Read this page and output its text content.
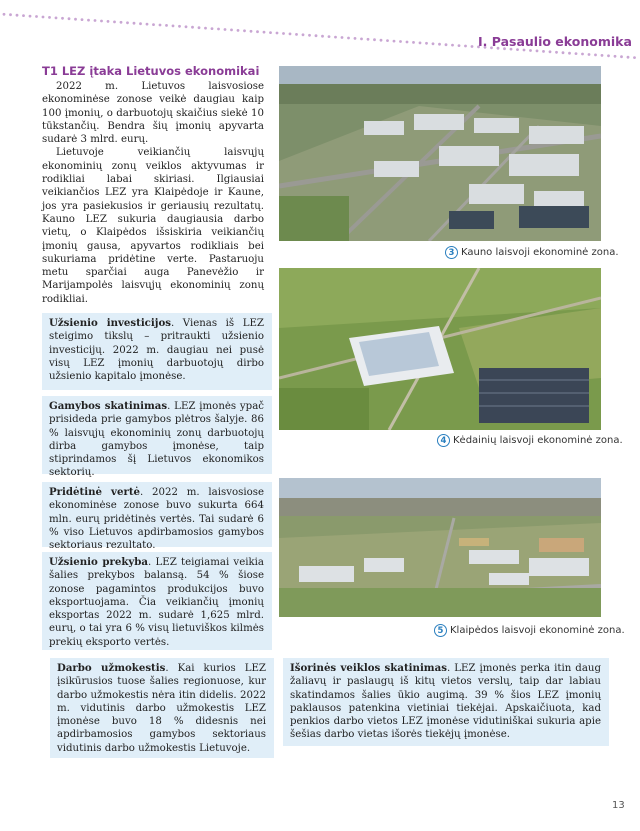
I. Pasaulio ekonomika
T1 LEZ įtaka Lietuvos ekonomikai

2022 m. Lietuvos laisvosiose ekonominėse zonose veikė daugiau kaip 100 įmonių, o darbuotojų skaičius siekė 10 tūkstančių. Bendra šių įmonių apyvarta sudarė 3 mlrd. eurų.

Lietuvoje veikiančių laisvųjų ekonominių zonų veiklos aktyvumas ir rodikliai labai skiriasi. Ilgiausiai veikiančios LEZ yra Klaipėdoje ir Kaune, jos yra pasiekusios ir geriausių rezultatų. Kauno LEZ sukuria daugiausia darbo vietų, o Klaipėdos išsiskiria veikiančių įmonių gausa, apyvartos rodikliais bei sukuriama pridėtine verte. Pastaruoju metu sparčiai auga Panevėžio ir Marijampolės laisvųjų ekonominių zonų rodikliai.

Užsienio investicijos. Vienas iš LEZ steigimo tikslų – pritraukti užsienio investicijų. 2022 m. daugiau nei pusė visų LEZ įmonių darbuotojų dirbo užsienio kapitalo įmonėse.
Gamybos skatinimas. LEZ įmonės ypač prisideda prie gamybos plėtros šalyje. 86 % laisvųjų ekonominių zonų darbuotojų dirba gamybos įmonėse, taip stiprindamos šį Lietuvos ekonomikos sektorių.
Pridėtinė vertė. 2022 m. laisvosiose ekonominėse zonose buvo sukurta 664 mln. eurų pridėtinės vertės. Tai sudarė 6 % viso Lietuvos apdirbamosios gamybos sektoriaus rezultato.
Užsienio prekyba. LEZ teigiamai veikia šalies prekybos balansą. 54 % šiose zonose pagamintos produkcijos buvo eksportuojama. Čia veikiančių įmonių eksportas 2022 m. sudarė 1,625 mlrd. eurų, o tai yra 6 % visų lietuviškos kilmės prekių eksporto vertės.
Darbo užmokestis. Kai kurios LEZ įsikūrusios tuose šalies regionuose, kur darbo užmokestis nėra itin didelis. 2022 m. vidutinis darbo užmokestis LEZ įmonėse buvo 18 % didesnis nei apdirbamosios gamybos sektoriaus vidutinis darbo užmokestis Lietuvoje.
Išorinės veiklos skatinimas. LEZ įmonės perka itin daug žaliavų ir paslaugų iš kitų vietos verslų, taip dar labiau skatindamos šalies ūkio augimą. 39 % šios LEZ įmonių paklausos patenkina vietiniai tiekėjai. Apskaičiuota, kad penkios darbo vietos LEZ įmonėse vidutiniškai sukuria apie šešias darbo vietas išorės tiekėjų įmonėse.
3 Kauno laisvoji ekonominė zona.
4 Kėdainių laisvoji ekonominė zona.
5 Klaipėdos laisvoji ekonominė zona.
13
